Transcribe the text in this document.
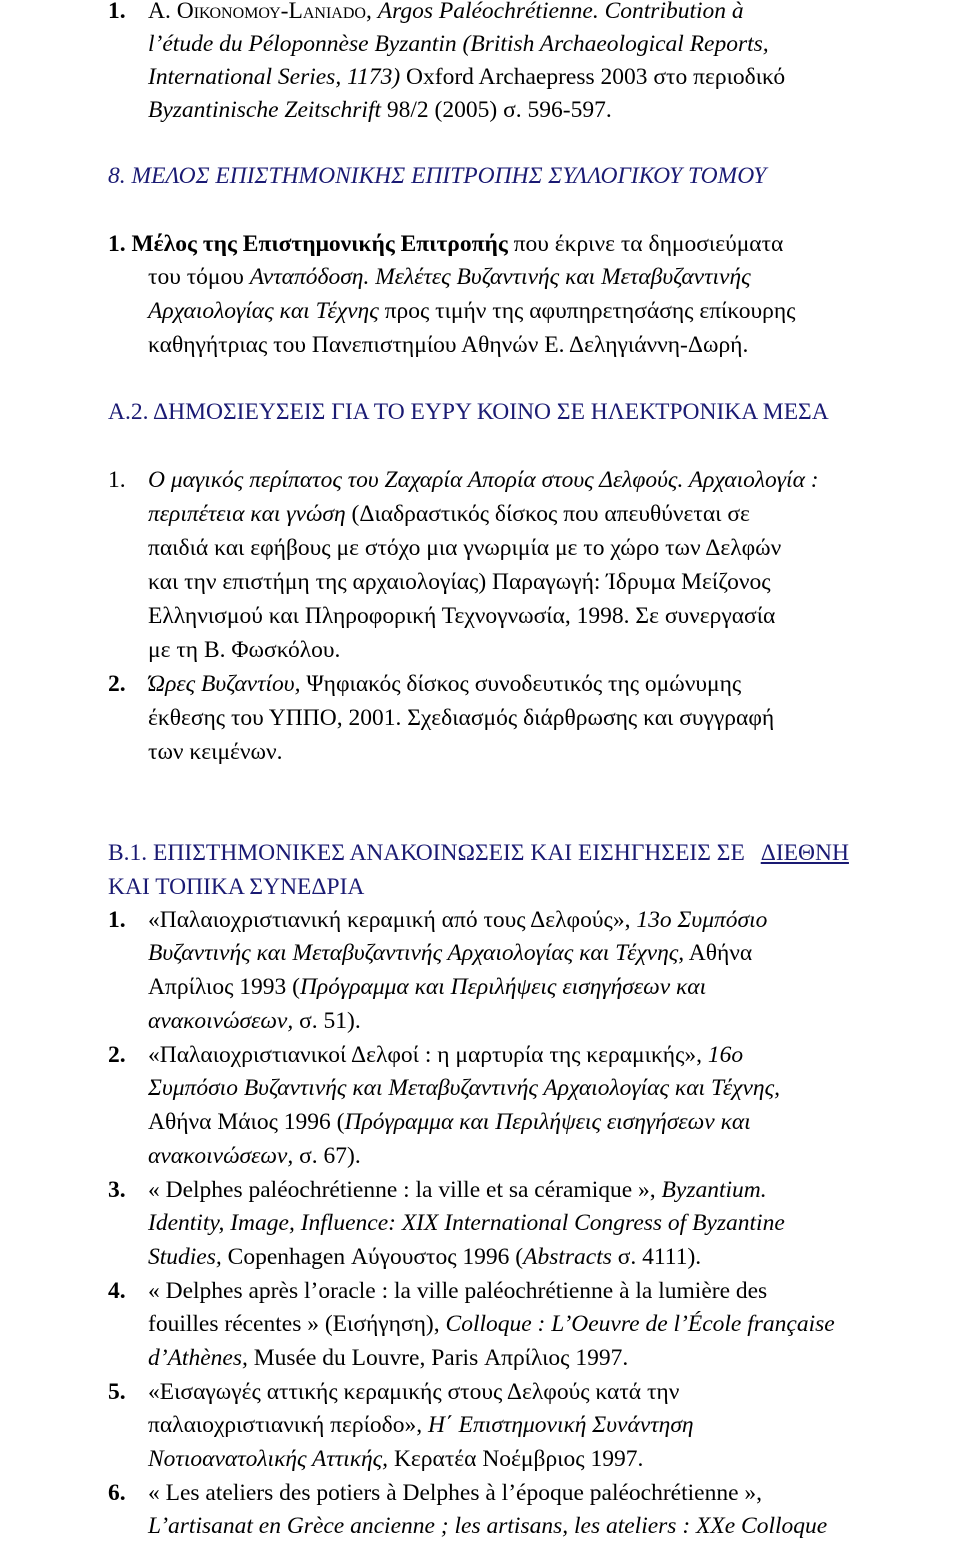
1. A. Οικονομου-Laniado, Argos Paléochrétienne. Contribution à
l’étude du Péloponnèse Byzantin (British Archaeological Reports,
International Series, 1173) Oxford Archaepress 2003 στο περιοδικό
Byzantinische Zeitschrift 98/2 (2005) σ. 596-597.
8. ΜΕΛΟΣ ΕΠΙΣΤΗΜΟΝΙΚΗΣ ΕΠΙΤΡΟΠΗΣ ΣΥΛΛΟΓΙΚΟΥ ΤΟΜΟΥ
1. Μέλος της Επιστημονικής Επιτροπής που έκρινε τα δημοσιεύματα
του τόμου Ανταπόδοση. Μελέτες Βυζαντινής και Μεταβυζαντινής
Αρχαιολογίας και Τέχνης προς τιμήν της αφυπηρετησάσης επίκουρης
καθηγήτριας του Πανεπιστημίου Αθηνών Ε. Δεληγιάννη-Δωρή.
Α.2. ΔΗΜΟΣΙΕΥΣΕΙΣ ΓΙΑ ΤΟ ΕΥΡΥ ΚΟΙΝΟ ΣΕ ΗΛΕΚΤΡΟΝΙΚΑ ΜΕΣΑ
1. Ο μαγικός περίπατος του Ζαχαρία Απορία στους Δελφούς. Αρχαιολογία :
περιπέτεια και γνώση (Διαδραστικός δίσκος που απευθύνεται σε
παιδιά και εφήβους με στόχο μια γνωριμία με το χώρο των Δελφών
και την επιστήμη της αρχαιολογίας) Παραγωγή: Ίδρυμα Μείζονος
Ελληνισμού και Πληροφορική Τεχνογνωσία, 1998. Σε συνεργασία
με τη Β. Φωσκόλου.
2. Ώρες Βυζαντίου, Ψηφιακός δίσκος συνοδευτικός της ομώνυμης
έκθεσης του ΥΠΠΟ, 2001. Σχεδιασμός διάρθρωσης και συγγραφή
των κειμένων.
Β.1. ΕΠΙΣΤΗΜΟΝΙΚΕΣ ΑΝΑΚΟΙΝΩΣΕΙΣ ΚΑΙ ΕΙΣΗΓΗΣΕΙΣ ΣΕ ΔΙΕΘΝΗ
ΚΑΙ ΤΟΠΙΚΑ ΣΥΝΕΔΡΙΑ
1. «Παλαιοχριστιανική κεραμική από τους Δελφούς», 13ο Συμπόσιο
Βυζαντινής και Μεταβυζαντινής Αρχαιολογίας και Τέχνης, Αθήνα
Απρίλιος 1993 (Πρόγραμμα και Περιλήψεις εισηγήσεων και
ανακοινώσεων, σ. 51).
2. «Παλαιοχριστιανικοί Δελφοί : η μαρτυρία της κεραμικής», 16ο
Συμπόσιο Βυζαντινής και Μεταβυζαντινής Αρχαιολογίας και Τέχνης,
Αθήνα Μάιος 1996 (Πρόγραμμα και Περιλήψεις εισηγήσεων και
ανακοινώσεων, σ. 67).
3. « Delphes paléochrétienne : la ville et sa céramique », Byzantium.
Identity, Image, Influence: XIX International Congress of Byzantine
Studies, Copenhagen Αύγουστος 1996 (Abstracts σ. 4111).
4. « Delphes après l’oracle : la ville paléochrétienne à la lumière des
fouilles récentes » (Εισήγηση), Colloque : L’Oeuvre de l’École française
d’Athènes, Musée du Louvre, Paris Απρίλιος 1997.
5. «Εισαγωγές αττικής κεραμικής στους Δελφούς κατά την
παλαιοχριστιανική περίοδο», Η΄ Επιστημονική Συνάντηση
Νοτιοανατολικής Αττικής, Κερατέα Νοέμβριος 1997.
6. « Les ateliers des potiers à Delphes à l’époque paléochrétienne »,
L’artisanat en Grèce ancienne ; les artisans, les ateliers : XXe Colloque
